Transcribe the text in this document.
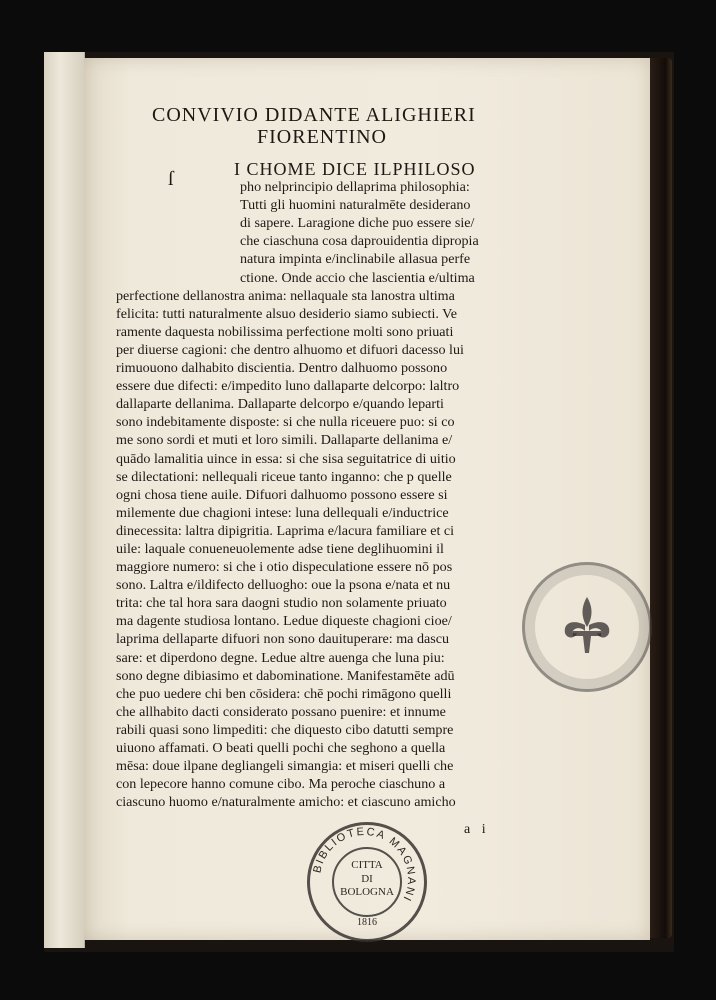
CONVIVIO DIDANTE ALIGHIERI
FIORENTINO
ſ	I CHOME DICE ILPHILOSO
pho nelprincipio dellaprima philosophia:
Tutti gli huomini naturalmēte desiderano
di sapere. Laragione diche puo essere sie/
che ciaschuna cosa daprouidentia dipropia
natura impinta e/inclinabile allasua perfe
ctione. Onde accio che lascientia e/ultima
perfectione dellanostra anima: nellaquale sta lanostra ultima
felicita: tutti naturalmente alsuo desiderio siamo subiecti. Ve
ramente daquesta nobilissima perfectione molti sono priuati
per diuerse cagioni: che dentro alhuomo et difuori dacesso lui
rimuouono dalhabito discientia. Dentro dalhuomo possono
essere due difecti: e/impedito luno dallaparte delcorpo: laltro
dallaparte dellanima. Dallaparte delcorpo e/quando leparti
sono indebitamente disposte: si che nulla riceuere puo: si co
me sono sordi et muti et loro simili. Dallaparte dellanima e/
quādo lamalitia uince in essa: si che sisa seguitatrice di uitio
se dilectationi: nellequali riceue tanto inganno: che p quelle
ogni chosa tiene auile. Difuori dalhuomo possono essere si
milemente due chagioni intese: luna dellequali e/inductrice
dinecessita: laltra dipigritia. Laprima e/lacura familiare et ci
uile: laquale conueneuolemente adse tiene deglihuomini il
maggiore numero: si che i otio dispeculatione essere nō pos
sono. Laltra e/ildifecto delluogho: oue la psona e/nata et nu
trita: che tal hora sara daogni studio non solamente priuato
ma dagente studiosa lontano. Ledue diqueste chagioni cioe/
laprima dellaparte difuori non sono dauituperare: ma dascu
sare: et diperdono degne. Ledue altre auenga che luna piu:
sono degne dibiasimo et dabominatione. Manifestamēte adū
che puo uedere chi ben cōsidera: chē pochi rimāgono quelli
che allhabito dacti considerato possano puenire: et innume
rabili quasi sono limpediti: che diquesto cibo datutti sempre
uiuono affamati. O beati quelli pochi che seghono a quella
mēsa: doue ilpane degliangeli simangia: et miseri quelli che
con lepecore hanno comune cibo. Ma peroche ciaschuno a
ciascuno huomo e/naturalmente amicho: et ciascuno amicho
a i
BIBLIOTECA MAGNANI
CITTA
DI
BOLOGNA
1816
